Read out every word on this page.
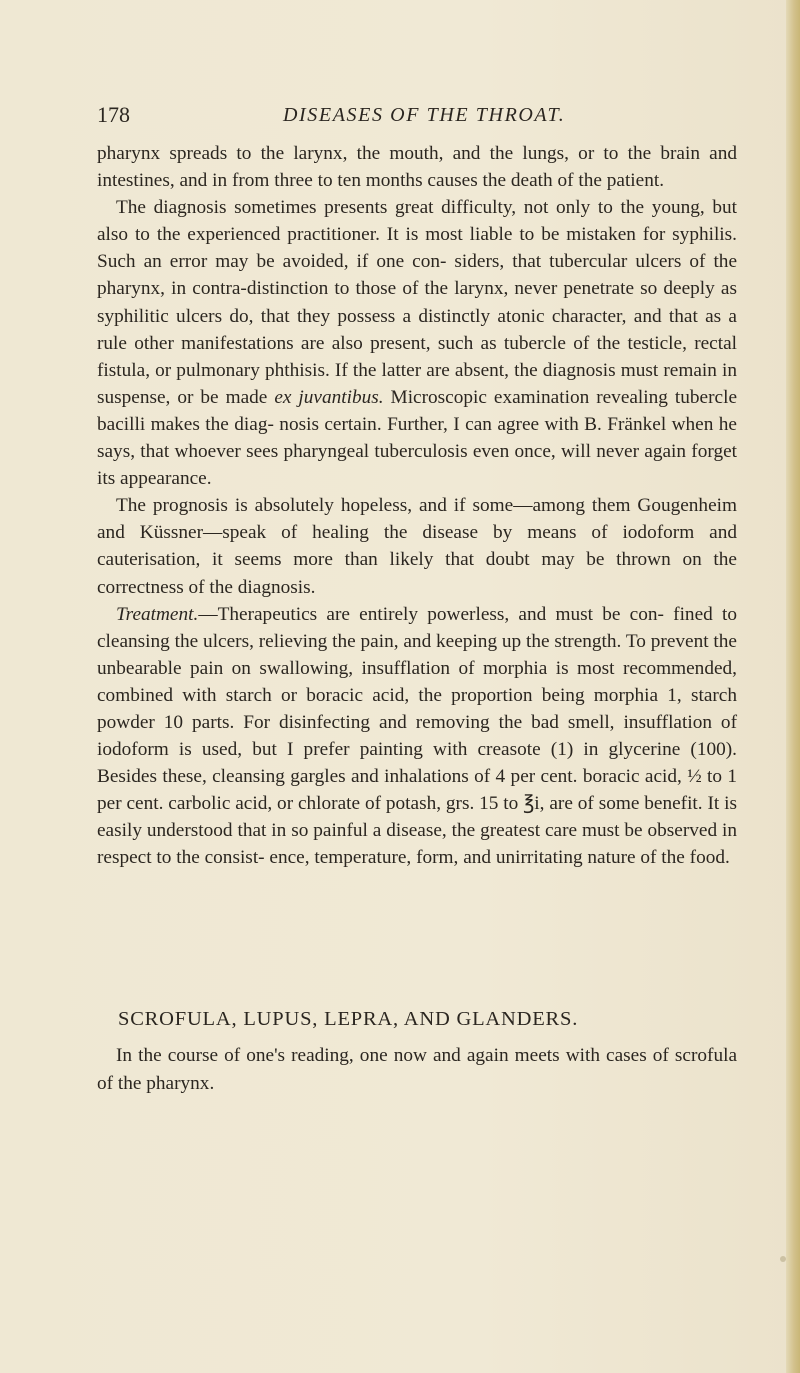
178	DISEASES OF THE THROAT.

pharynx spreads to the larynx, the mouth, and the lungs, or to the brain and intestines, and in from three to ten months causes the death of the patient.

The diagnosis sometimes presents great difficulty, not only to the young, but also to the experienced practitioner. It is most liable to be mistaken for syphilis. Such an error may be avoided, if one con- siders, that tubercular ulcers of the pharynx, in contra-distinction to those of the larynx, never penetrate so deeply as syphilitic ulcers do, that they possess a distinctly atonic character, and that as a rule other manifestations are also present, such as tubercle of the testicle, rectal fistula, or pulmonary phthisis. If the latter are absent, the diagnosis must remain in suspense, or be made ex juvantibus. Microscopic examination revealing tubercle bacilli makes the diag- nosis certain. Further, I can agree with B. Fränkel when he says, that whoever sees pharyngeal tuberculosis even once, will never again forget its appearance.

The prognosis is absolutely hopeless, and if some—among them Gougenheim and Küssner—speak of healing the disease by means of iodoform and cauterisation, it seems more than likely that doubt may be thrown on the correctness of the diagnosis.

Treatment.—Therapeutics are entirely powerless, and must be con- fined to cleansing the ulcers, relieving the pain, and keeping up the strength. To prevent the unbearable pain on swallowing, insufflation of morphia is most recommended, combined with starch or boracic acid, the proportion being morphia 1, starch powder 10 parts. For disinfecting and removing the bad smell, insufflation of iodoform is used, but I prefer painting with creasote (1) in glycerine (100). Besides these, cleansing gargles and inhalations of 4 per cent. boracic acid, ½ to 1 per cent. carbolic acid, or chlorate of potash, grs. 15 to ℥i, are of some benefit. It is easily understood that in so painful a disease, the greatest care must be observed in respect to the consist- ence, temperature, form, and unirritating nature of the food.

SCROFULA, LUPUS, LEPRA, AND GLANDERS.

In the course of one's reading, one now and again meets with cases of scrofula of the pharynx.
